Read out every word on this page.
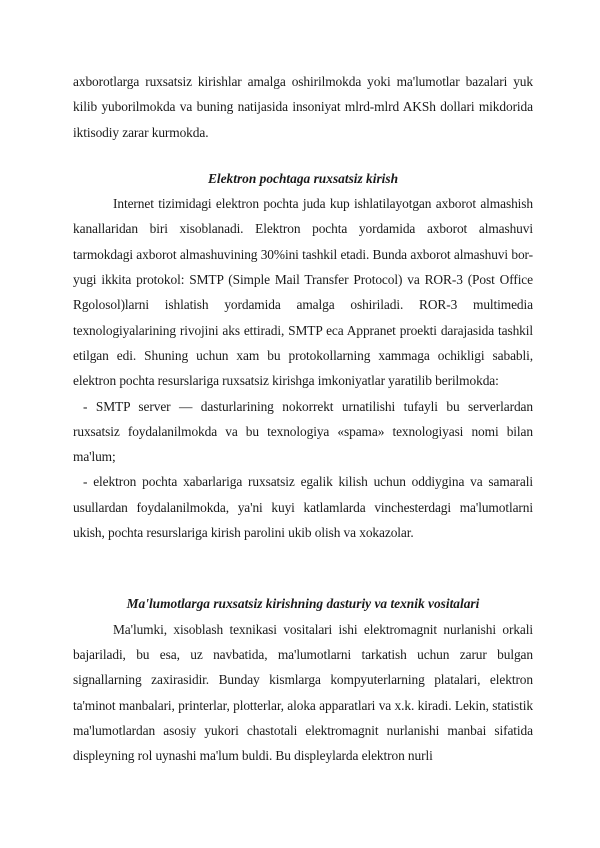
axborotlarga ruxsatsiz kirishlar amalga oshirilmokda yoki ma'lumotlar bazalari yuk kilib yuborilmokda va buning natijasida insoniyat mlrd-mlrd AKSh dollari mikdorida iktisodiy zarar kurmokda.

Elektron pochtaga ruxsatsiz kirish

Internet tizimidagi elektron pochta juda kup ishlatilayotgan axborot almashish kanallaridan biri xisoblanadi. Elektron pochta yordamida axborot almashuvi tarmokdagi axborot almashuvining 30%ini tashkil etadi. Bunda axborot almashuvi bor-yugi ikkita protokol: SMTP (Simple Mail Transfer Protocol) va ROR-3 (Post Office Rgolosol)larni ishlatish yordamida amalga oshiriladi. ROR-3 multimedia texnologiyalarining rivojini aks ettiradi, SMTP eca Appranet proekti darajasida tashkil etilgan edi. Shuning uchun xam bu protokollarning xammaga ochikligi sababli, elektron pochta resurslariga ruxsatsiz kirishga imkoniyatlar yaratilib berilmokda:

- SMTP server — dasturlarining nokorrekt urnatilishi tufayli bu serverlardan ruxsatsiz foydalanilmokda va bu texnologiya «spama» texnologiyasi nomi bilan ma'lum;

- elektron pochta xabarlariga ruxsatsiz egalik kilish uchun oddiygina va samarali usullardan foydalanilmokda, ya'ni kuyi katlamlarda vinchesterdagi ma'lumotlarni ukish, pochta resurslariga kirish parolini ukib olish va xokazolar.

Ma'lumotlarga ruxsatsiz kirishning dasturiy va texnik vositalari

Ma'lumki, xisoblash texnikasi vositalari ishi elektromagnit nurlanishi orkali bajariladi, bu esa, uz navbatida, ma'lumotlarni tarkatish uchun zarur bulgan signallarning zaxirasidir. Bunday kismlarga kompyuterlarning platalari, elektron ta'minot manbalari, printerlar, plotterlar, aloka apparatlari va x.k. kiradi. Lekin, statistik ma'lumotlardan asosiy yukori chastotali elektromagnit nurlanishi manbai sifatida displeyning rol uynashi ma'lum buldi. Bu displeylarda elektron nurli
